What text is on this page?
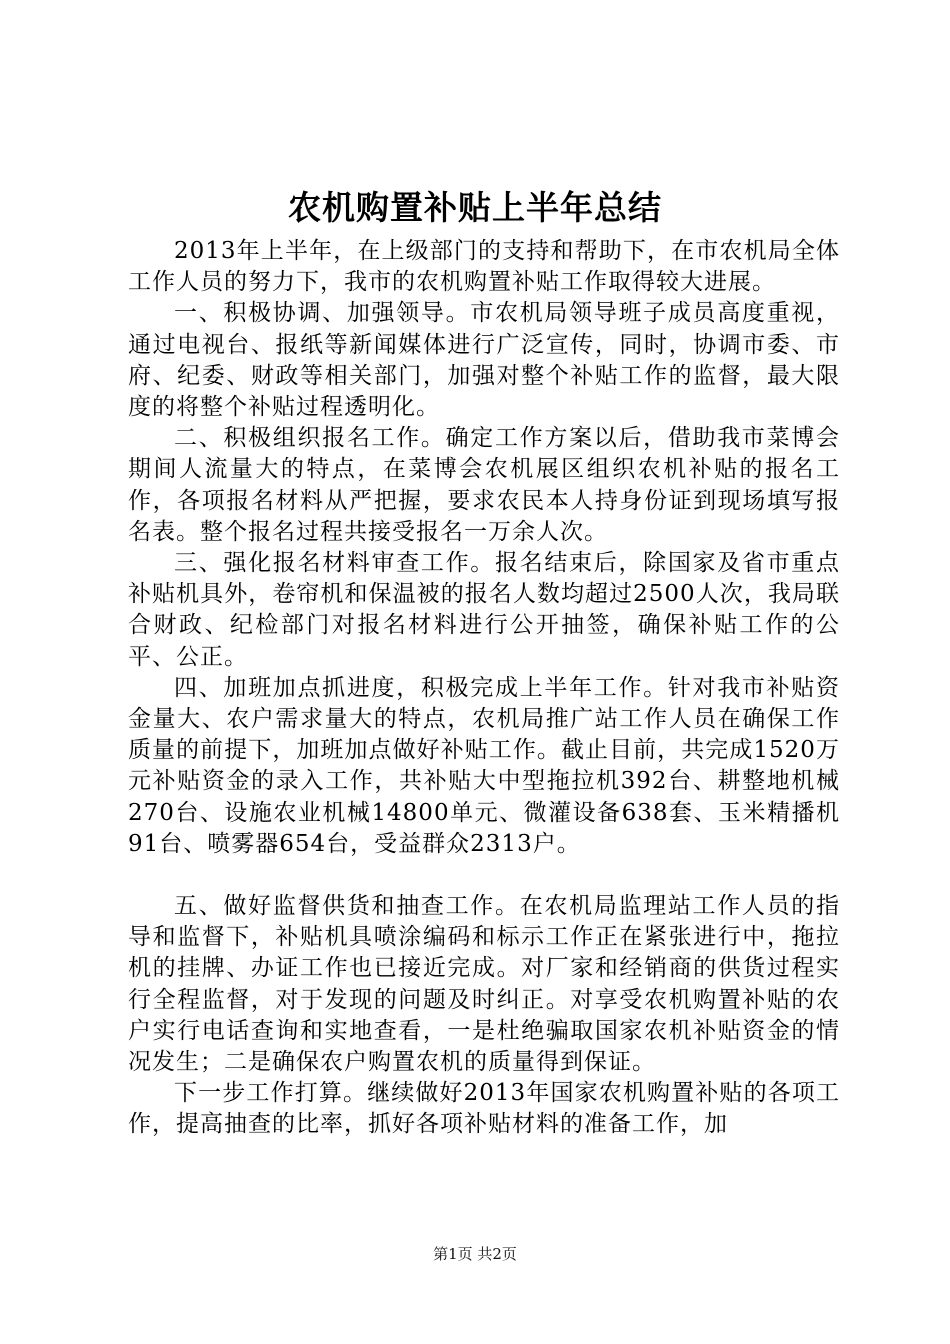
农机购置补贴上半年总结

2013年上半年，在上级部门的支持和帮助下，在市农机局全体工作人员的努力下，我市的农机购置补贴工作取得较大进展。

一、积极协调、加强领导。市农机局领导班子成员高度重视，通过电视台、报纸等新闻媒体进行广泛宣传，同时，协调市委、市府、纪委、财政等相关部门，加强对整个补贴工作的监督，最大限度的将整个补贴过程透明化。

二、积极组织报名工作。确定工作方案以后，借助我市菜博会期间人流量大的特点，在菜博会农机展区组织农机补贴的报名工作，各项报名材料从严把握，要求农民本人持身份证到现场填写报名表。整个报名过程共接受报名一万余人次。

三、强化报名材料审查工作。报名结束后，除国家及省市重点补贴机具外，卷帘机和保温被的报名人数均超过2500人次，我局联合财政、纪检部门对报名材料进行公开抽签，确保补贴工作的公平、公正。

四、加班加点抓进度，积极完成上半年工作。针对我市补贴资金量大、农户需求量大的特点，农机局推广站工作人员在确保工作质量的前提下，加班加点做好补贴工作。截止目前，共完成1520万元补贴资金的录入工作，共补贴大中型拖拉机392台、耕整地机械270台、设施农业机械14800单元、微灌设备638套、玉米精播机91台、喷雾器654台，受益群众2313户。

五、做好监督供货和抽查工作。在农机局监理站工作人员的指导和监督下，补贴机具喷涂编码和标示工作正在紧张进行中，拖拉机的挂牌、办证工作也已接近完成。对厂家和经销商的供货过程实行全程监督，对于发现的问题及时纠正。对享受农机购置补贴的农户实行电话查询和实地查看，一是杜绝骗取国家农机补贴资金的情况发生；二是确保农户购置农机的质量得到保证。

下一步工作打算。继续做好2013年国家农机购置补贴的各项工作，提高抽查的比率，抓好各项补贴材料的准备工作，加

第1页 共2页
